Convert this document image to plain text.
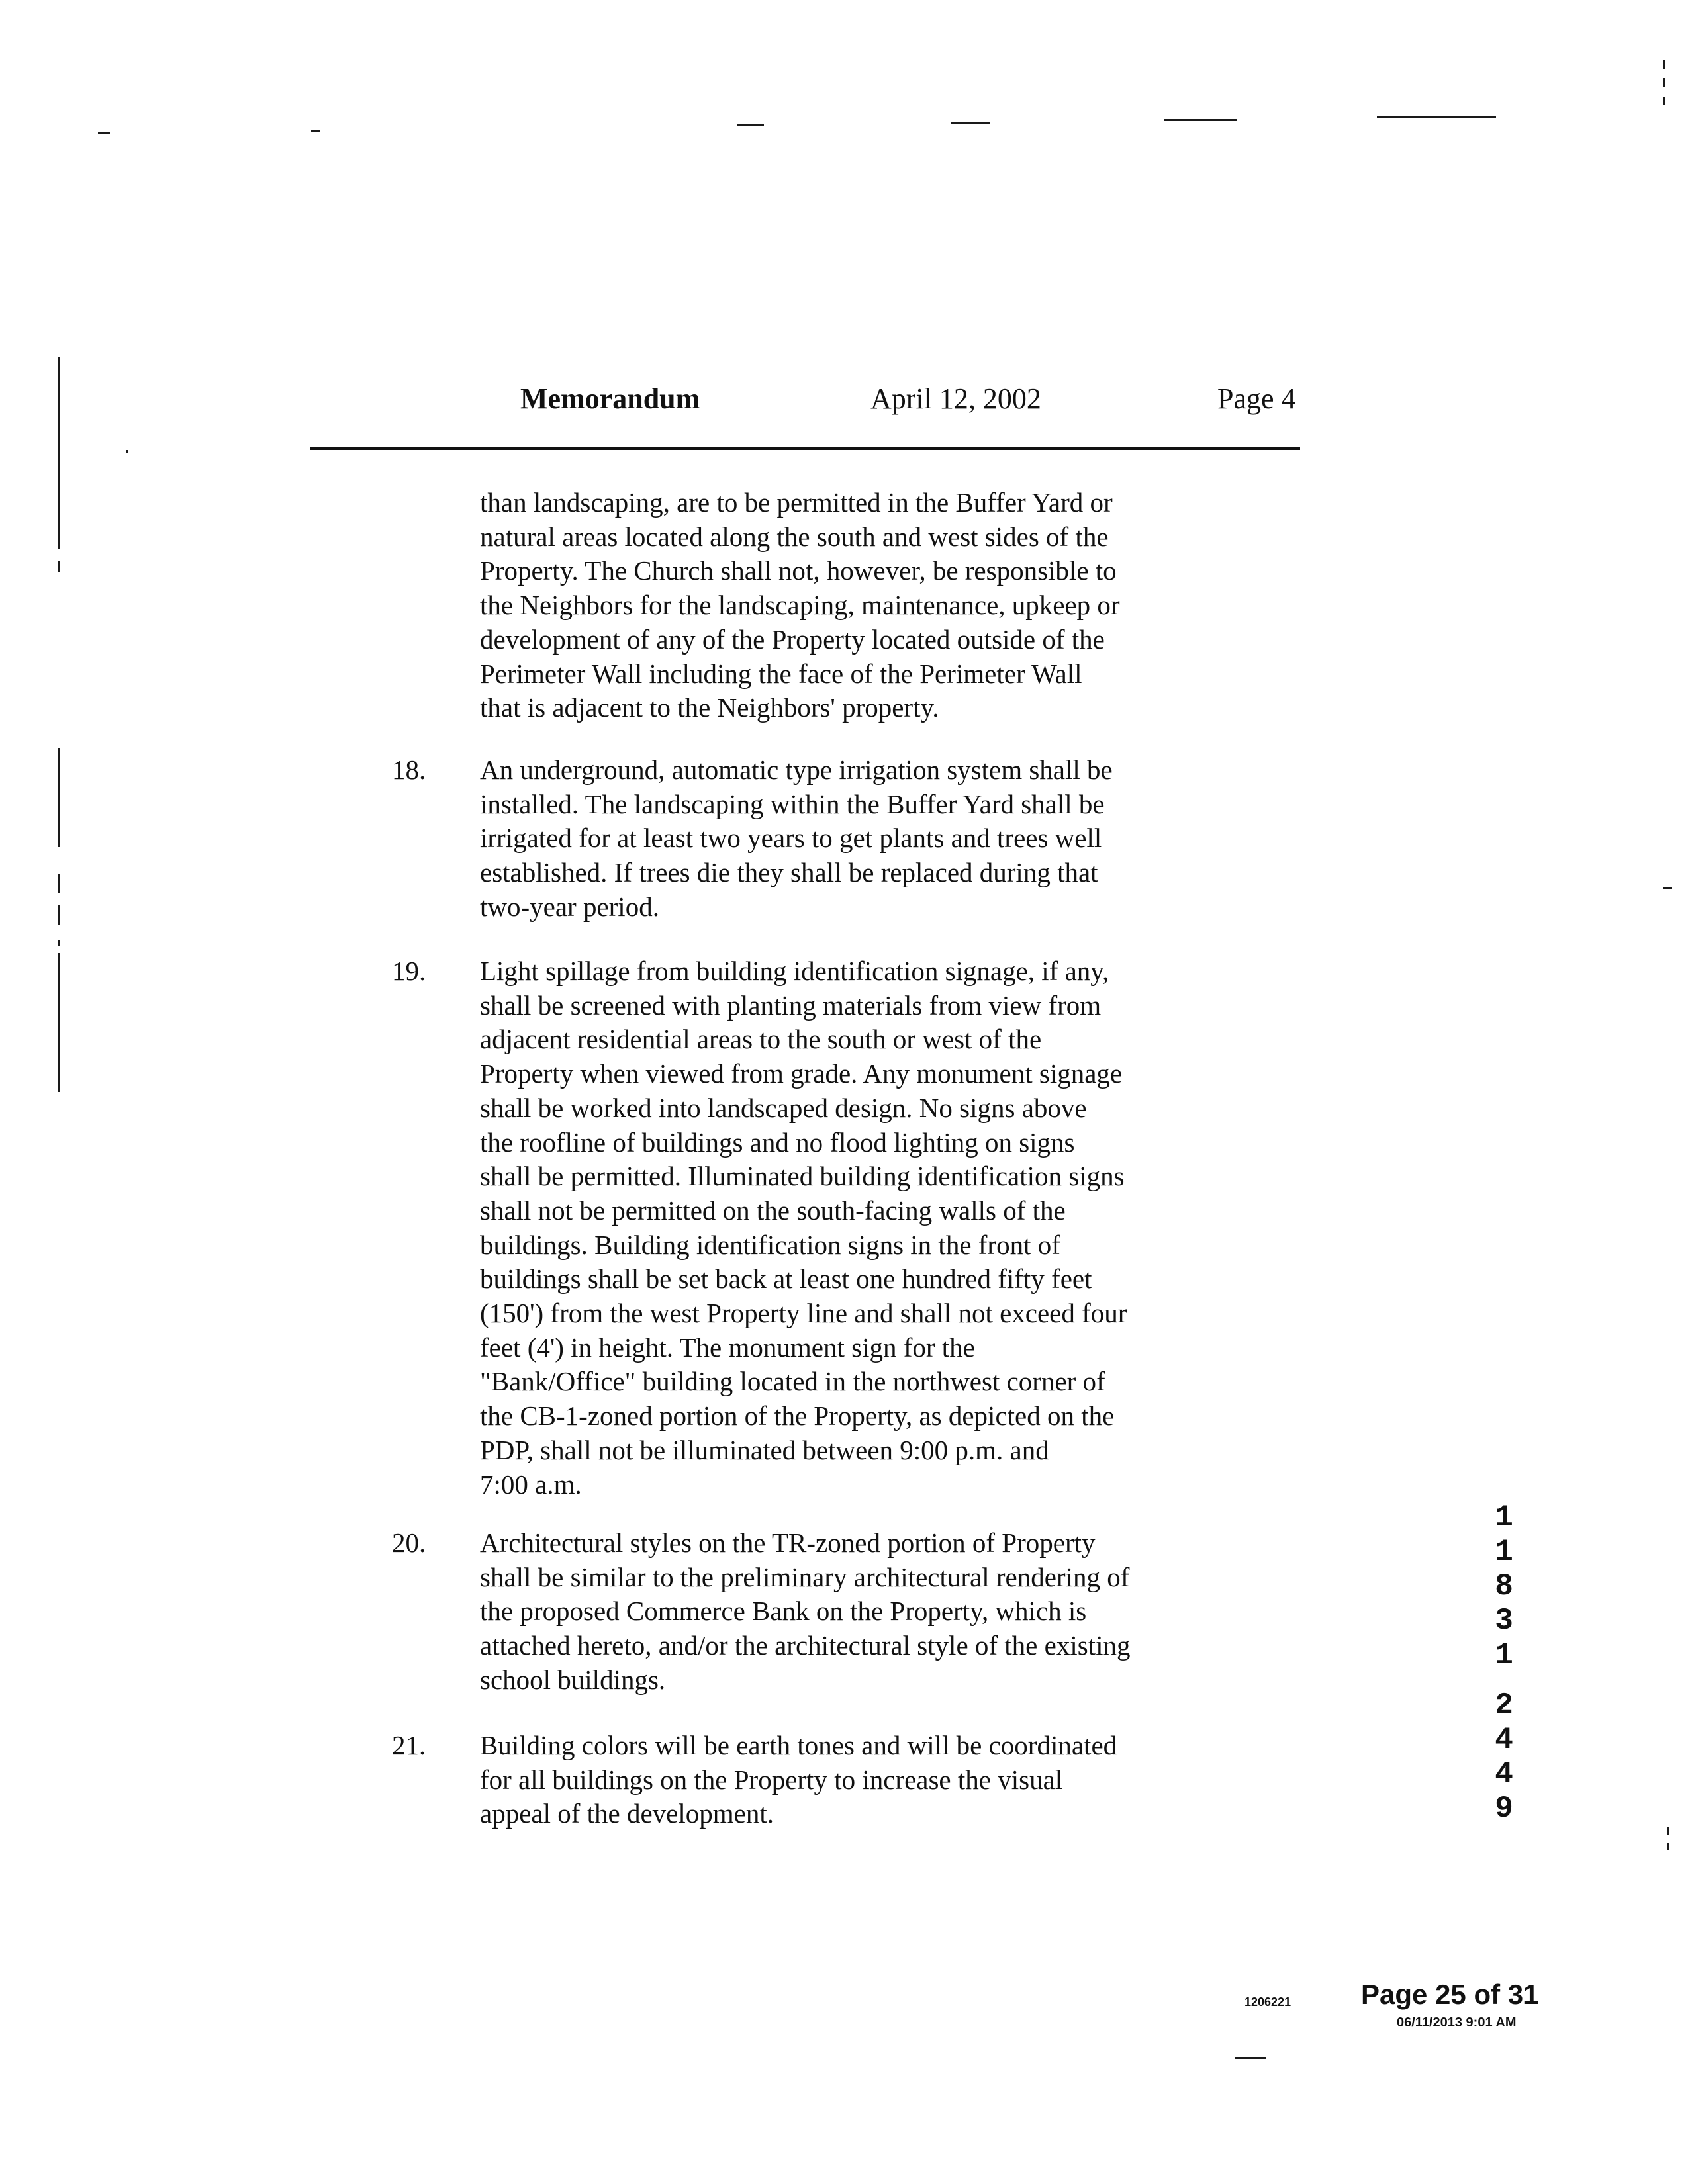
Memorandum	April 12, 2002	Page 4

than landscaping, are to be permitted in the Buffer Yard or
natural areas located along the south and west sides of the
Property. The Church shall not, however, be responsible to
the Neighbors for the landscaping, maintenance, upkeep or
development of any of the Property located outside of the
Perimeter Wall including the face of the Perimeter Wall
that is adjacent to the Neighbors' property.

18. An underground, automatic type irrigation system shall be
installed. The landscaping within the Buffer Yard shall be
irrigated for at least two years to get plants and trees well
established. If trees die they shall be replaced during that
two-year period.

19. Light spillage from building identification signage, if any,
shall be screened with planting materials from view from
adjacent residential areas to the south or west of the
Property when viewed from grade. Any monument signage
shall be worked into landscaped design. No signs above
the roofline of buildings and no flood lighting on signs
shall be permitted. Illuminated building identification signs
shall not be permitted on the south-facing walls of the
buildings. Building identification signs in the front of
buildings shall be set back at least one hundred fifty feet
(150') from the west Property line and shall not exceed four
feet (4') in height. The monument sign for the
"Bank/Office" building located in the northwest corner of
the CB-1-zoned portion of the Property, as depicted on the
PDP, shall not be illuminated between 9:00 p.m. and
7:00 a.m.

20. Architectural styles on the TR-zoned portion of Property
shall be similar to the preliminary architectural rendering of
the proposed Commerce Bank on the Property, which is
attached hereto, and/or the architectural style of the existing
school buildings.

21. Building colors will be earth tones and will be coordinated
for all buildings on the Property to increase the visual
appeal of the development.

1
1
8
3
1
2
4
4
9
1206221	Page 25 of 31
06/11/2013 9:01 AM
